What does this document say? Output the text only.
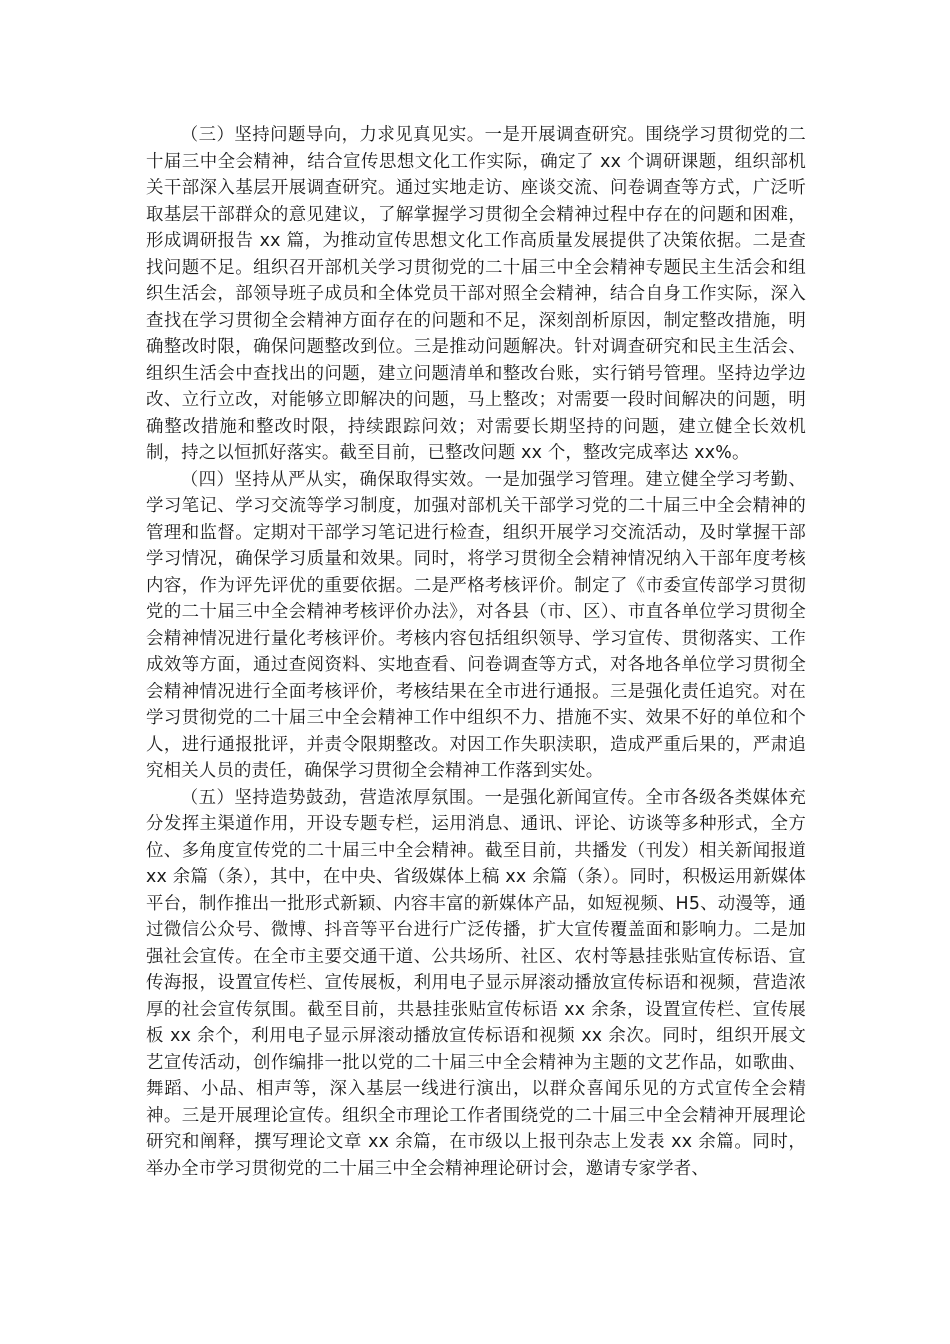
（三）坚持问题导向，力求见真见实。一是开展调查研究。围绕学习贯彻党的二十届三中全会精神，结合宣传思想文化工作实际，确定了 xx 个调研课题，组织部机关干部深入基层开展调查研究。通过实地走访、座谈交流、问卷调查等方式，广泛听取基层干部群众的意见建议，了解掌握学习贯彻全会精神过程中存在的问题和困难，形成调研报告 xx 篇，为推动宣传思想文化工作高质量发展提供了决策依据。二是查找问题不足。组织召开部机关学习贯彻党的二十届三中全会精神专题民主生活会和组织生活会，部领导班子成员和全体党员干部对照全会精神，结合自身工作实际，深入查找在学习贯彻全会精神方面存在的问题和不足，深刻剖析原因，制定整改措施，明确整改时限，确保问题整改到位。三是推动问题解决。针对调查研究和民主生活会、组织生活会中查找出的问题，建立问题清单和整改台账，实行销号管理。坚持边学边改、立行立改，对能够立即解决的问题，马上整改；对需要一段时间解决的问题，明确整改措施和整改时限，持续跟踪问效；对需要长期坚持的问题，建立健全长效机制，持之以恒抓好落实。截至目前，已整改问题 xx 个，整改完成率达 xx%。

（四）坚持从严从实，确保取得实效。一是加强学习管理。建立健全学习考勤、学习笔记、学习交流等学习制度，加强对部机关干部学习党的二十届三中全会精神的管理和监督。定期对干部学习笔记进行检查，组织开展学习交流活动，及时掌握干部学习情况，确保学习质量和效果。同时，将学习贯彻全会精神情况纳入干部年度考核内容，作为评先评优的重要依据。二是严格考核评价。制定了《市委宣传部学习贯彻党的二十届三中全会精神考核评价办法》，对各县（市、区）、市直各单位学习贯彻全会精神情况进行量化考核评价。考核内容包括组织领导、学习宣传、贯彻落实、工作成效等方面，通过查阅资料、实地查看、问卷调查等方式，对各地各单位学习贯彻全会精神情况进行全面考核评价，考核结果在全市进行通报。三是强化责任追究。对在学习贯彻党的二十届三中全会精神工作中组织不力、措施不实、效果不好的单位和个人，进行通报批评，并责令限期整改。对因工作失职渎职，造成严重后果的，严肃追究相关人员的责任，确保学习贯彻全会精神工作落到实处。

（五）坚持造势鼓劲，营造浓厚氛围。一是强化新闻宣传。全市各级各类媒体充分发挥主渠道作用，开设专题专栏，运用消息、通讯、评论、访谈等多种形式，全方位、多角度宣传党的二十届三中全会精神。截至目前，共播发（刊发）相关新闻报道 xx 余篇（条），其中，在中央、省级媒体上稿 xx 余篇（条）。同时，积极运用新媒体平台，制作推出一批形式新颖、内容丰富的新媒体产品，如短视频、H5、动漫等，通过微信公众号、微博、抖音等平台进行广泛传播，扩大宣传覆盖面和影响力。二是加强社会宣传。在全市主要交通干道、公共场所、社区、农村等悬挂张贴宣传标语、宣传海报，设置宣传栏、宣传展板，利用电子显示屏滚动播放宣传标语和视频，营造浓厚的社会宣传氛围。截至目前，共悬挂张贴宣传标语 xx 余条，设置宣传栏、宣传展板 xx 余个，利用电子显示屏滚动播放宣传标语和视频 xx 余次。同时，组织开展文艺宣传活动，创作编排一批以党的二十届三中全会精神为主题的文艺作品，如歌曲、舞蹈、小品、相声等，深入基层一线进行演出，以群众喜闻乐见的方式宣传全会精神。三是开展理论宣传。组织全市理论工作者围绕党的二十届三中全会精神开展理论研究和阐释，撰写理论文章 xx 余篇，在市级以上报刊杂志上发表 xx 余篇。同时，举办全市学习贯彻党的二十届三中全会精神理论研讨会，邀请专家学者、
